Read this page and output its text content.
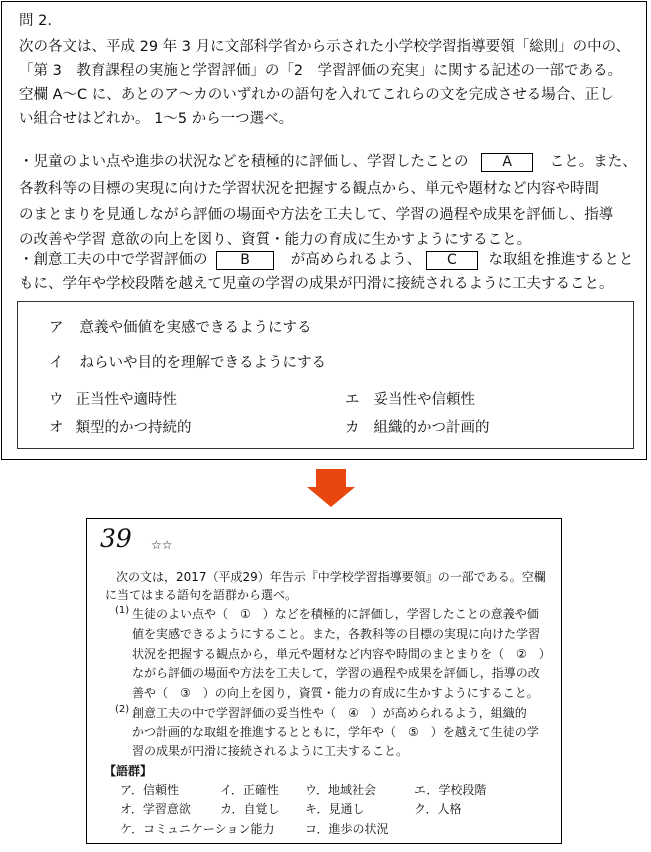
問 2.
次の各文は、平成 29 年 3 月に文部科学省から示された小学校学習指導要領「総則」の中の、
「第 3　教育課程の実施と学習評価」の「2　学習評価の充実」に関する記述の一部である。
空欄 A～C に、あとのア～カのいずれかの語句を入れてこれらの文を完成させる場合、正し
い組合せはどれか。 1～5 から一つ選べ。
・児童のよい点や進歩の状況などを積極的に評価し、学習したことの A	こと。また、
各教科等の目標の実現に向けた学習状況を把握する観点から、単元や題材など内容や時間
のまとまりを見通しながら評価の場面や方法を工夫して、学習の過程や成果を評価し、指導
の改善や学習 意欲の向上を図り、資質・能力の育成に生かすようにすること。
・創意工夫の中で学習評価の B	が高められるよう、 C な取組を推進するとと
もに、学年や学校段階を越えて児童の学習の成果が円滑に接続されるように工夫すること。
ア 意義や価値を実感できるようにする
イ ねらいや目的を理解できるようにする
ウ 正当性や適時性	エ 妥当性や信頼性
オ 類型的かつ持続的	カ 組織的かつ計画的
39 ☆☆
次の文は，2017（平成29）年告示『中学校学習指導要領』の一部である。空欄
に当てはまる語句を語群から選べ。
(1) 生徒のよい点や（　①　）などを積極的に評価し，学習したことの意義や価
値を実感できるようにすること。また，各教科等の目標の実現に向けた学習
状況を把握する観点から，単元や題材など内容や時間のまとまりを（　②　）
ながら評価の場面や方法を工夫して，学習の過程や成果を評価し，指導の改
善や（　③　）の向上を図り，資質・能力の育成に生かすようにすること。
(2) 創意工夫の中で学習評価の妥当性や（　④　）が高められるよう，組織的
かつ計画的な取組を推進するとともに，学年や（　⑤　）を越えて生徒の学
習の成果が円滑に接続されるように工夫すること。
【語群】
ア．信頼性	イ．正確性 ウ．地域社会	エ．学校段階
オ．学習意欲 カ．自覚し キ．見通し	ク．人格
ケ．コミュニケーション能力	コ．進歩の状況
